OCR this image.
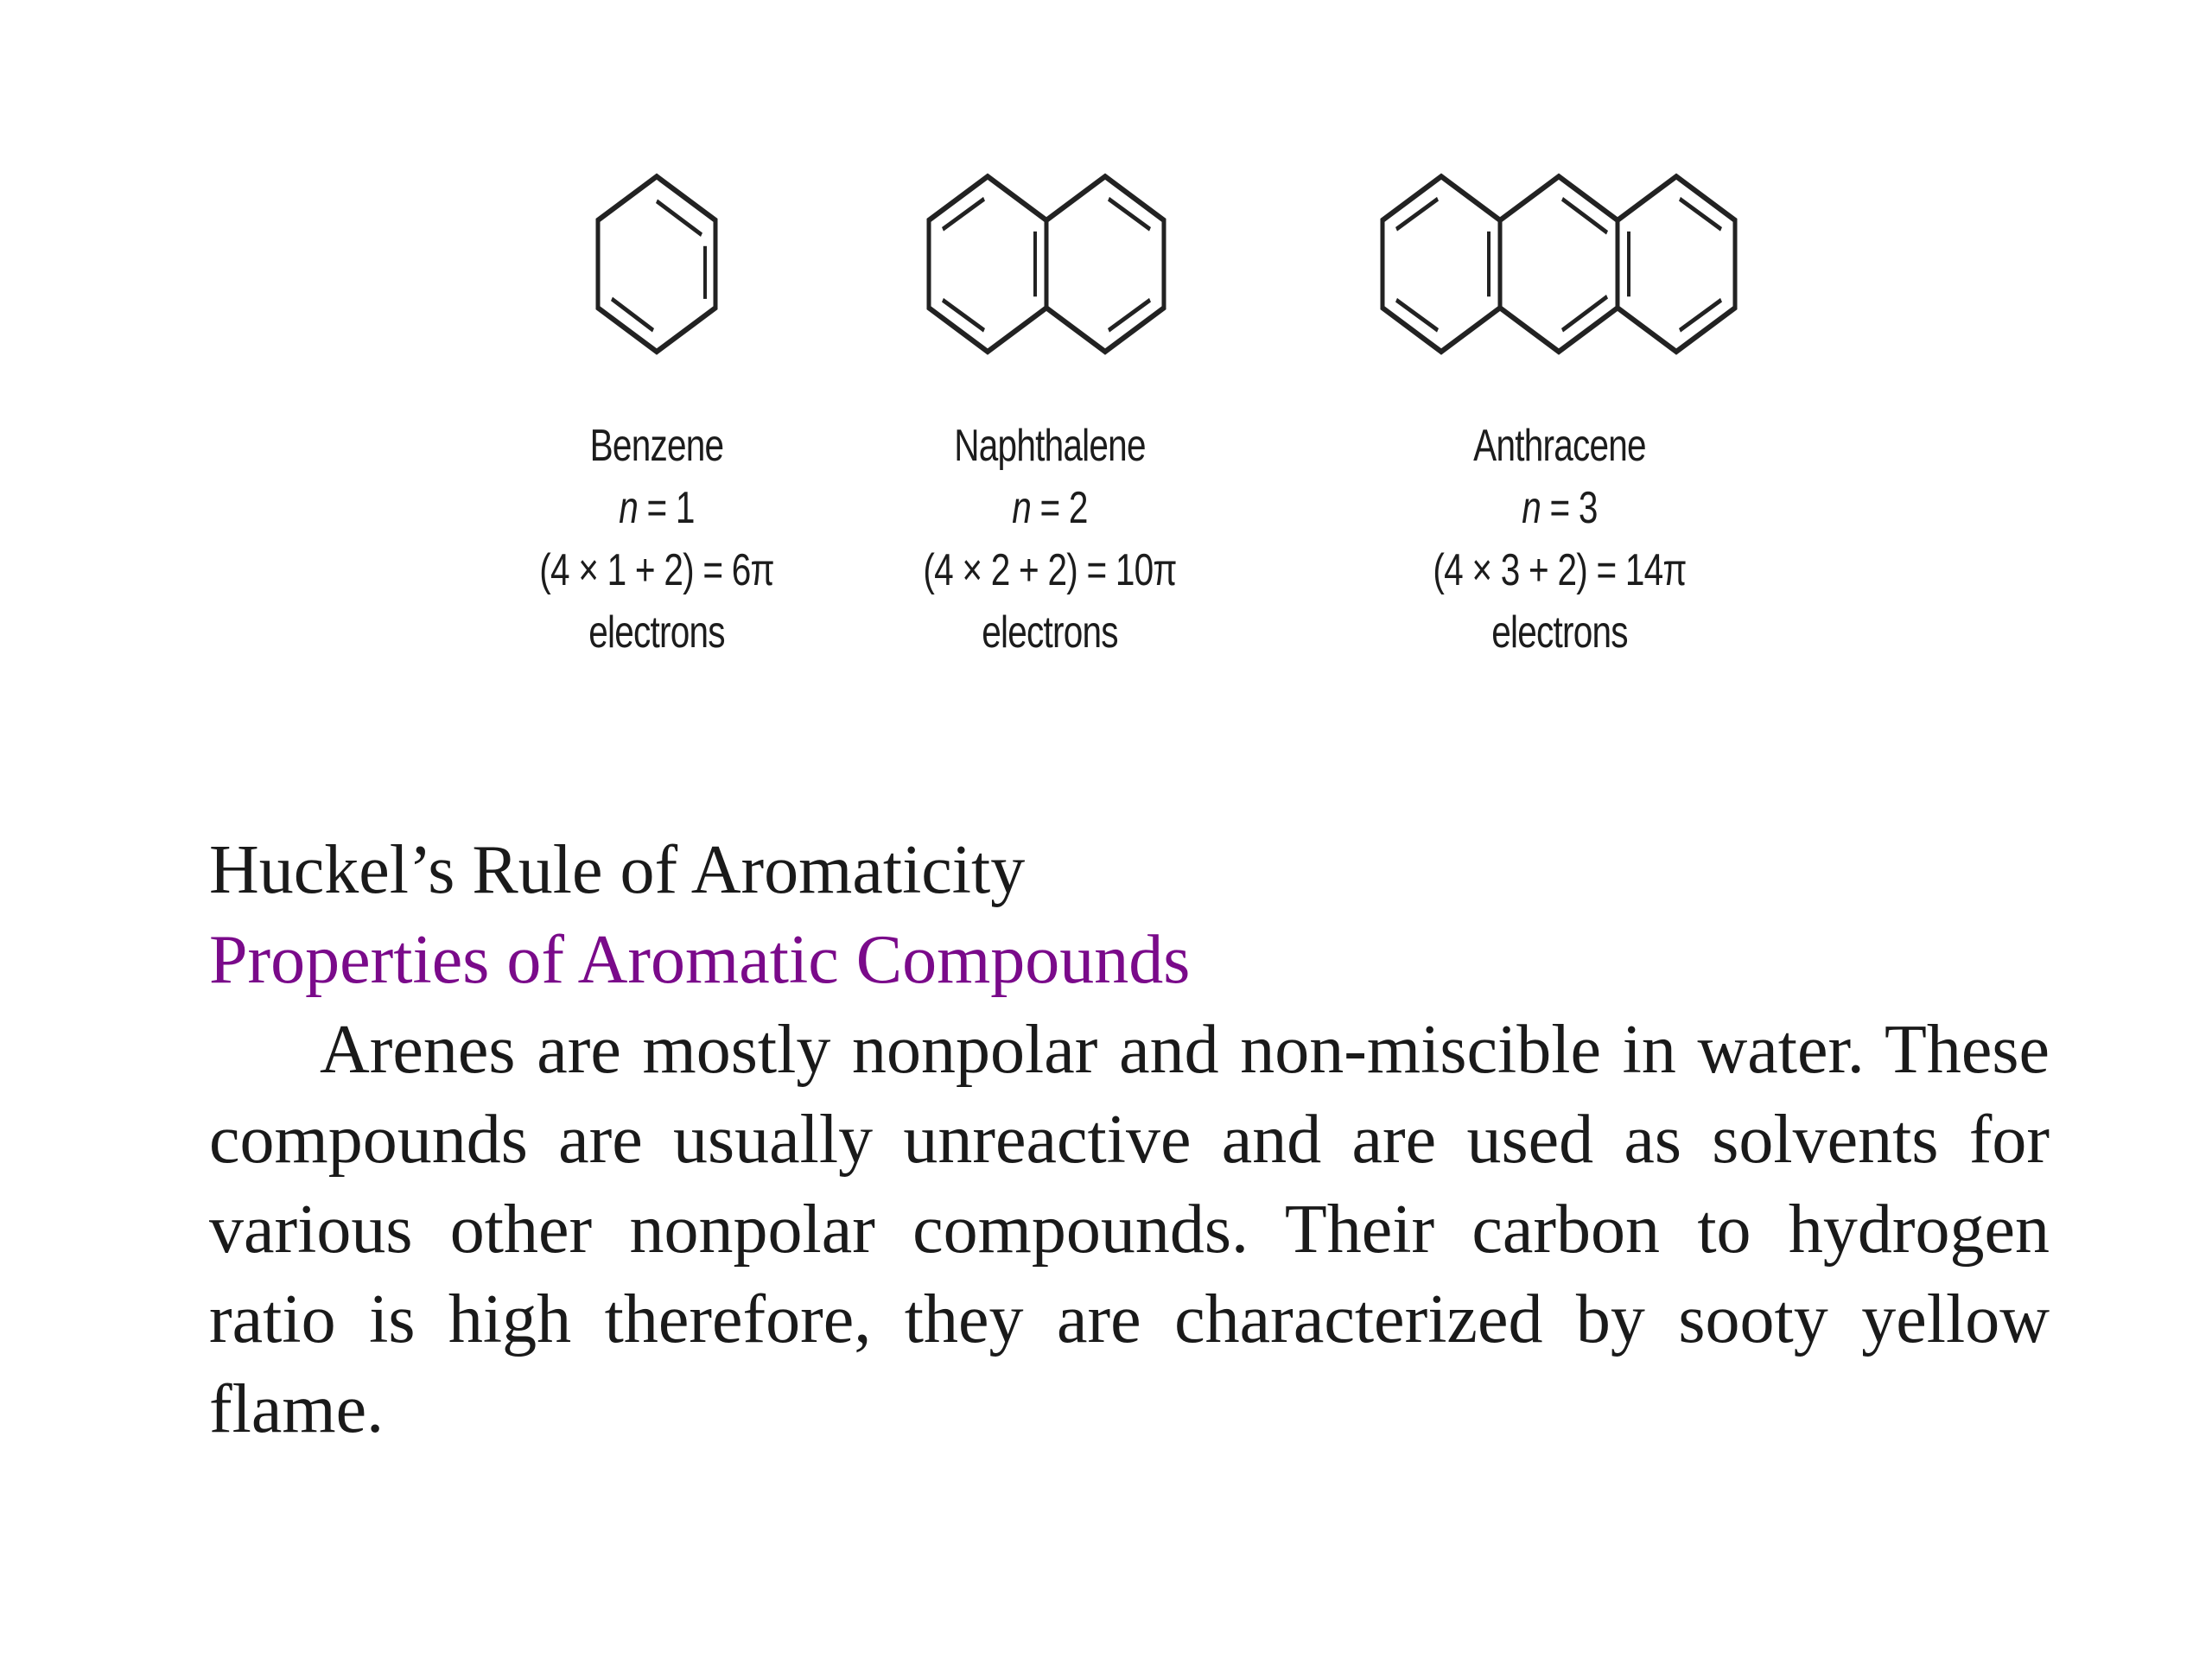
Benzene
n = 1
(4 × 1 + 2) = 6π
electrons
Naphthalene
n = 2
(4 × 2 + 2) = 10π
electrons
Anthracene
n = 3
(4 × 3 + 2) = 14π
electrons

Huckel’s Rule of Aromaticity

Properties of Aromatic Compounds

Arenes are mostly nonpolar and non-miscible in water. These compounds are usually unreactive and are used as solvents for various other nonpolar compounds. Their carbon to hydrogen ratio is high therefore, they are characterized by sooty yellow flame.
